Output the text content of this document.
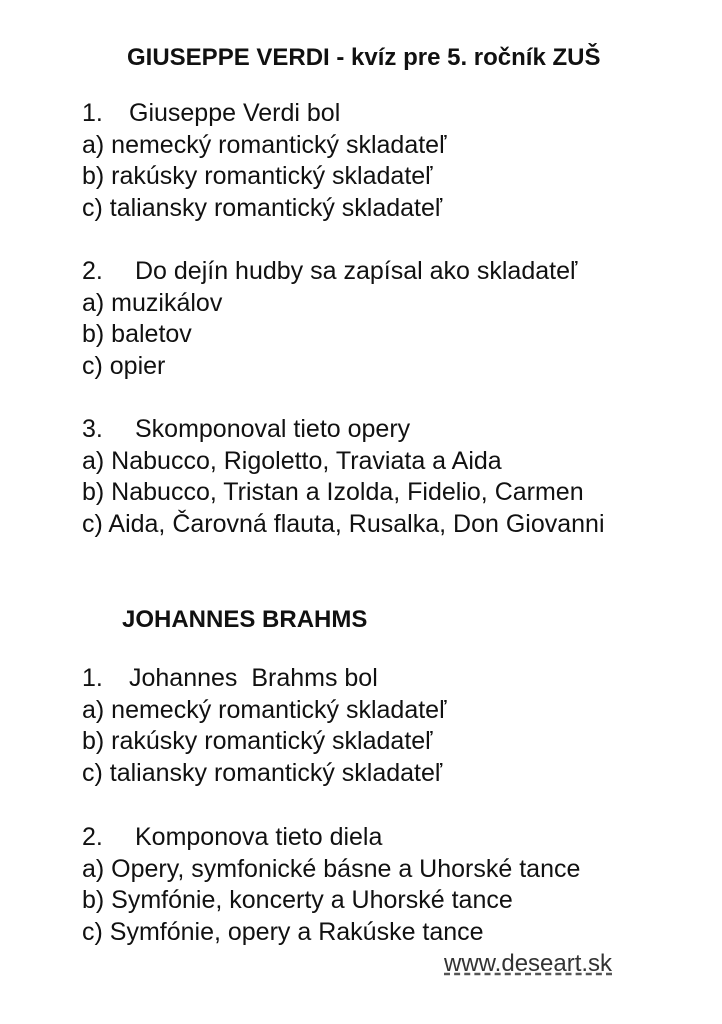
GIUSEPPE VERDI - kvíz pre 5. ročník ZUŠ
1. Giuseppe Verdi bol
a) nemecký romantický skladateľ
b) rakúsky romantický skladateľ
c) taliansky romantický skladateľ
2. Do dejín hudby sa zapísal ako skladateľ
a) muzikálov
b) baletov
c) opier
3. Skomponoval tieto opery
a) Nabucco, Rigoletto, Traviata a Aida
b) Nabucco, Tristan a Izolda, Fidelio, Carmen
c) Aida, Čarovná flauta, Rusalka, Don Giovanni
JOHANNES BRAHMS
1. Johannes  Brahms bol
a) nemecký romantický skladateľ
b) rakúsky romantický skladateľ
c) taliansky romantický skladateľ
2. Komponova tieto diela
a) Opery, symfonické básne a Uhorské tance
b) Symfónie, koncerty a Uhorské tance
c) Symfónie, opery a Rakúske tance
www.deseart.sk
